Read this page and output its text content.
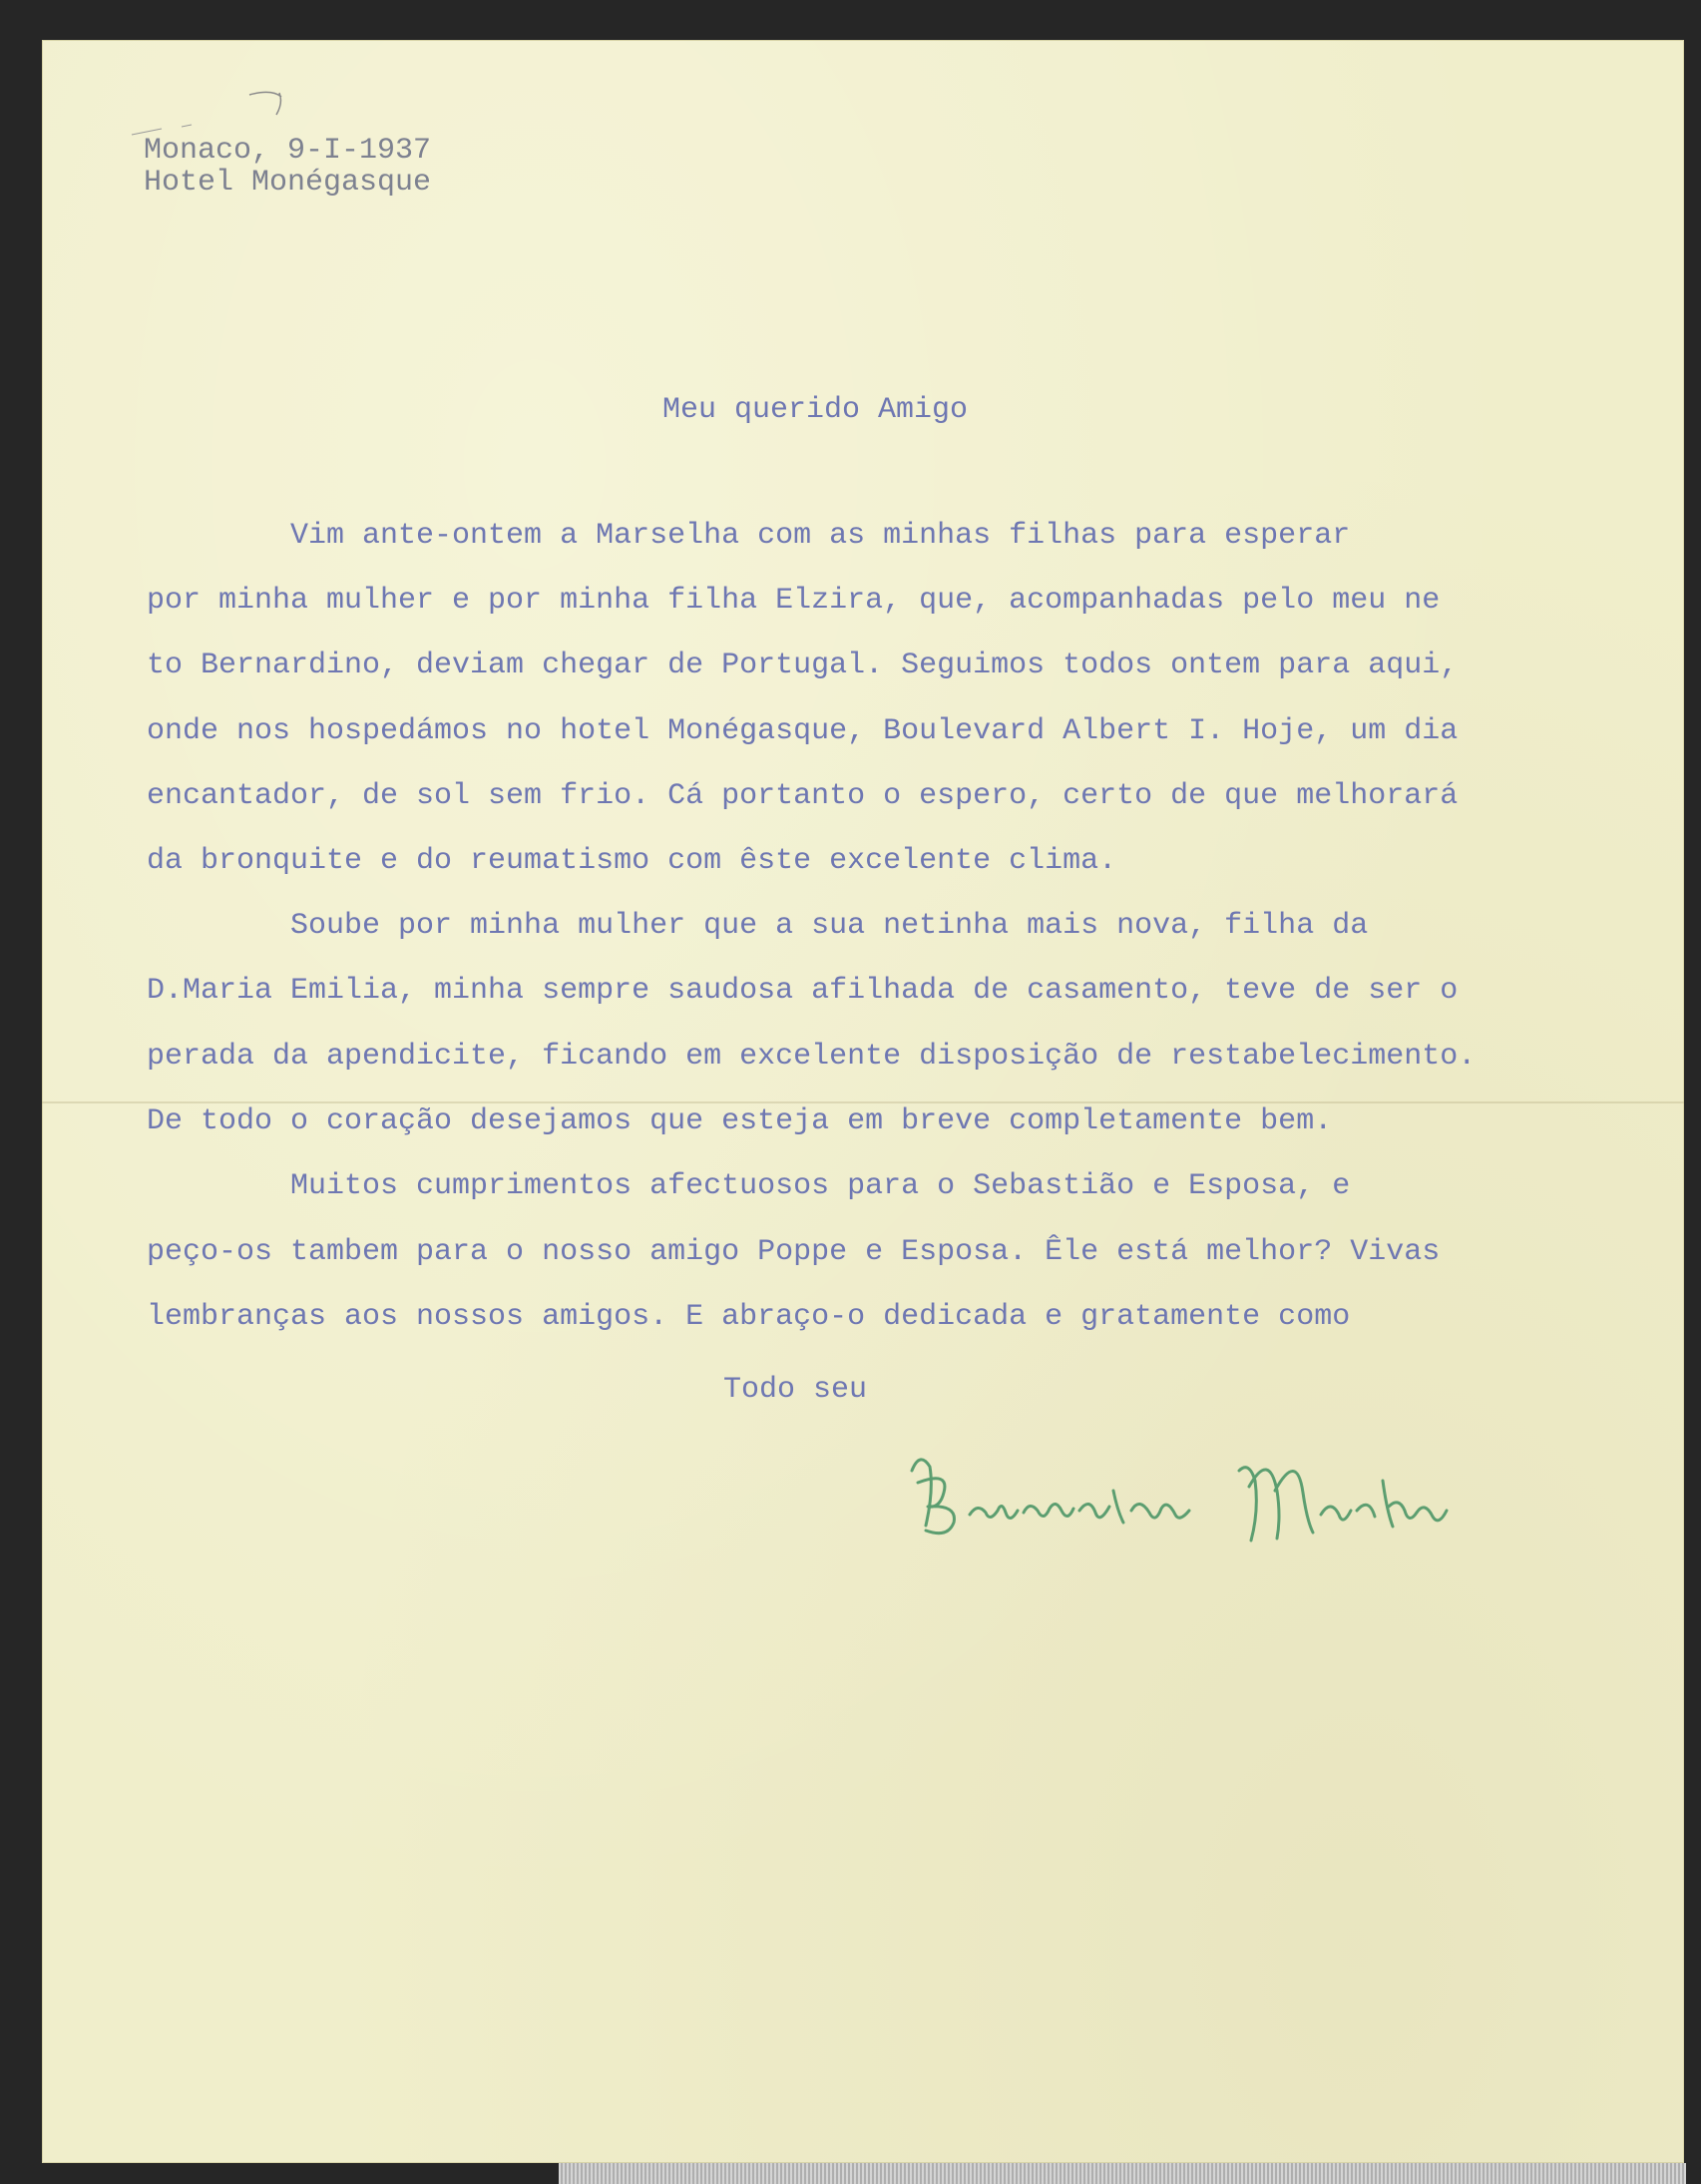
Monaco, 9-I-1937
Hotel Monégasque
Meu querido Amigo
Vim ante-ontem a Marselha com as minhas filhas para esperar
por minha mulher e por minha filha Elzira, que, acompanhadas pelo meu ne
to Bernardino, deviam chegar de Portugal. Seguimos todos ontem para aqui,
onde nos hospedámos no hotel Monégasque, Boulevard Albert I. Hoje, um dia
encantador, de sol sem frio. Cá portanto o espero, certo de que melhorará
da bronquite e do reumatismo com êste excelente clima.
Soube por minha mulher que a sua netinha mais nova, filha da
D.Maria Emilia, minha sempre saudosa afilhada de casamento, teve de ser o
perada da apendicite, ficando em excelente disposição de restabelecimento.
De todo o coração desejamos que esteja em breve completamente bem.
Muitos cumprimentos afectuosos para o Sebastião e Esposa, e
peço-os tambem para o nosso amigo Poppe e Esposa. Êle está melhor? Vivas
lembranças aos nossos amigos. E abraço-o dedicada e gratamente como
Todo seu
